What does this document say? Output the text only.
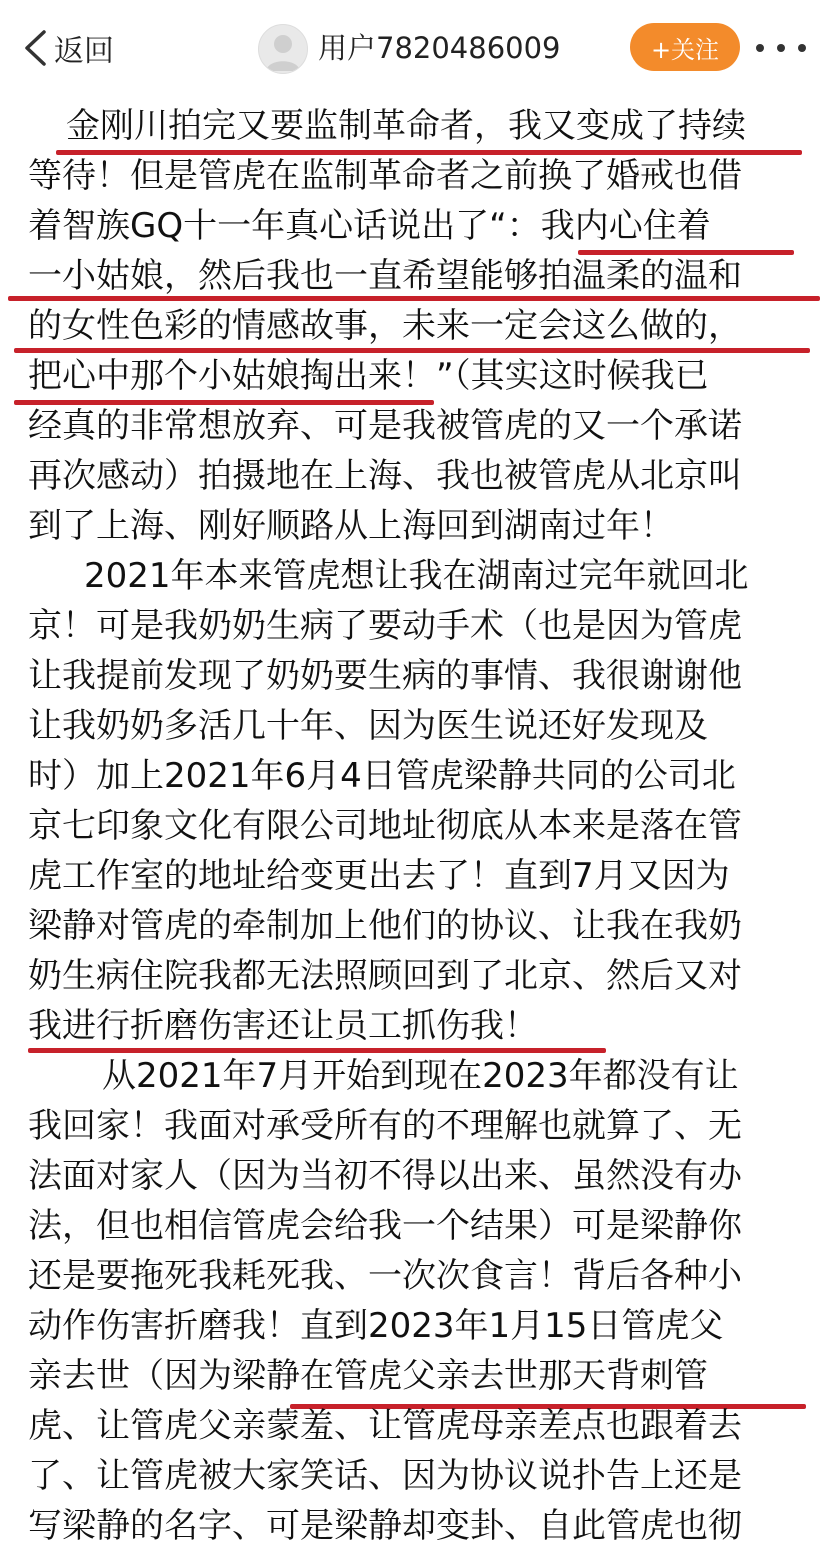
返回	用户7820486009	+关注
金刚川拍完又要监制革命者，我又变成了持续
等待！但是管虎在监制革命者之前换了婚戒也借
着智族GQ十一年真心话说出了“：我内心住着
一小姑娘，然后我也一直希望能够拍温柔的温和
的女性色彩的情感故事，未来一定会这么做的，
把心中那个小姑娘掏出来！”（其实这时候我已
经真的非常想放弃、可是我被管虎的又一个承诺
再次感动）拍摄地在上海、我也被管虎从北京叫
到了上海、刚好顺路从上海回到湖南过年！
2021年本来管虎想让我在湖南过完年就回北
京！可是我奶奶生病了要动手术（也是因为管虎
让我提前发现了奶奶要生病的事情、我很谢谢他
让我奶奶多活几十年、因为医生说还好发现及
时）加上2021年6月4日管虎梁静共同的公司北
京七印象文化有限公司地址彻底从本来是落在管
虎工作室的地址给变更出去了！直到7月又因为
梁静对管虎的牵制加上他们的协议、让我在我奶
奶生病住院我都无法照顾回到了北京、然后又对
我进行折磨伤害还让员工抓伤我！
从2021年7月开始到现在2023年都没有让
我回家！我面对承受所有的不理解也就算了、无
法面对家人（因为当初不得以出来、虽然没有办
法，但也相信管虎会给我一个结果）可是梁静你
还是要拖死我耗死我、一次次食言！背后各种小
动作伤害折磨我！直到2023年1月15日管虎父
亲去世（因为梁静在管虎父亲去世那天背刺管
虎、让管虎父亲蒙羞、让管虎母亲差点也跟着去
了、让管虎被大家笑话、因为协议说扑告上还是
写梁静的名字、可是梁静却变卦、自此管虎也彻
